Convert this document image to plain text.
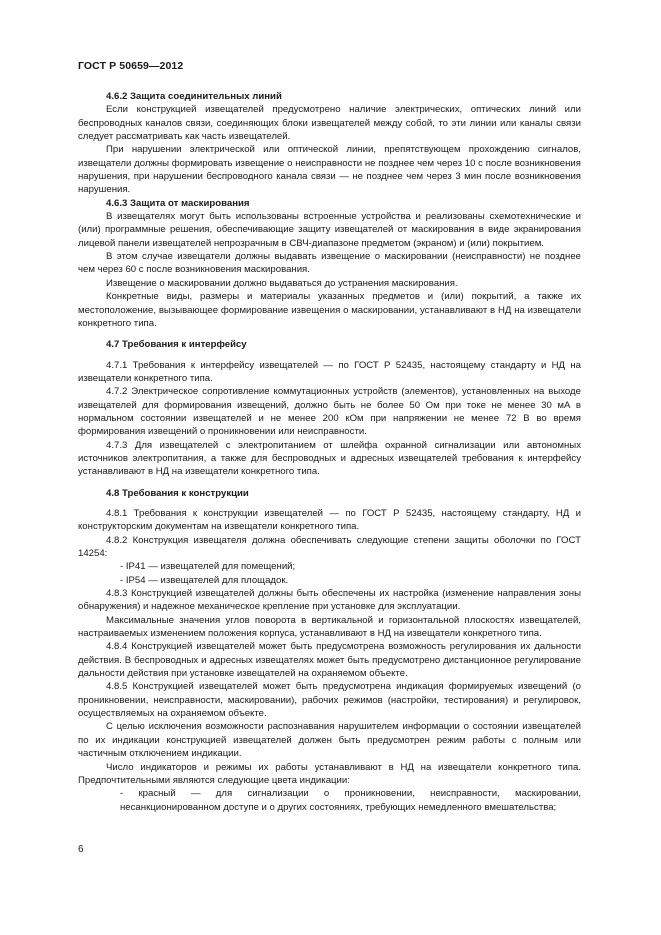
ГОСТ Р 50659—2012

4.6.2 Защита соединительных линий

Если конструкцией извещателей предусмотрено наличие электрических, оптических линий или беспроводных каналов связи, соединяющих блоки извещателей между собой, то эти линии или каналы связи следует рассматривать как часть извещателей.

При нарушении электрической или оптической линии, препятствующем прохождению сигналов, извещатели должны формировать извещение о неисправности не позднее чем через 10 с после возникновения нарушения, при нарушении беспроводного канала связи — не позднее чем через 3 мин после возникновения нарушения.

4.6.3 Защита от маскирования

В извещателях могут быть использованы встроенные устройства и реализованы схемотехнические и (или) программные решения, обеспечивающие защиту извещателей от маскирования в виде экранирования лицевой панели извещателей непрозрачным в СВЧ-диапазоне предметом (экраном) и (или) покрытием.

В этом случае извещатели должны выдавать извещение о маскировании (неисправности) не позднее чем через 60 с после возникновения маскирования.

Извещение о маскировании должно выдаваться до устранения маскирования.

Конкретные виды, размеры и материалы указанных предметов и (или) покрытий, а также их местоположение, вызывающее формирование извещения о маскировании, устанавливают в НД на извещатели конкретного типа.

4.7 Требования к интерфейсу

4.7.1 Требования к интерфейсу извещателей — по ГОСТ Р 52435, настоящему стандарту и НД на извещатели конкретного типа.

4.7.2 Электрическое сопротивление коммутационных устройств (элементов), установленных на выходе извещателей для формирования извещений, должно быть не более 50 Ом при токе не менее 30 мА в нормальном состоянии извещателей и не менее 200 кОм при напряжении не менее 72 В во время формирования извещений о проникновении или неисправности.

4.7.3 Для извещателей с электропитанием от шлейфа охранной сигнализации или автономных источников электропитания, а также для беспроводных и адресных извещателей требования к интерфейсу устанавливают в НД на извещатели конкретного типа.

4.8 Требования к конструкции

4.8.1 Требования к конструкции извещателей — по ГОСТ Р 52435, настоящему стандарту, НД и конструкторским документам на извещатели конкретного типа.

4.8.2 Конструкция извещателя должна обеспечивать следующие степени защиты оболочки по ГОСТ 14254:

- IP41 — извещателей для помещений;

- IP54 — извещателей для площадок.

4.8.3 Конструкцией извещателей должны быть обеспечены их настройка (изменение направления зоны обнаружения) и надежное механическое крепление при установке для эксплуатации.

Максимальные значения углов поворота в вертикальной и горизонтальной плоскостях извещателей, настраиваемых изменением положения корпуса, устанавливают в НД на извещатели конкретного типа.

4.8.4 Конструкцией извещателей может быть предусмотрена возможность регулирования их дальности действия. В беспроводных и адресных извещателях может быть предусмотрено дистанционное регулирование дальности действия при установке извещателей на охраняемом объекте.

4.8.5 Конструкцией извещателей может быть предусмотрена индикация формируемых извещений (о проникновении, неисправности, маскировании), рабочих режимов (настройки, тестирования) и регулировок, осуществляемых на охраняемом объекте.

С целью исключения возможности распознавания нарушителем информации о состоянии извещателей по их индикации конструкцией извещателей должен быть предусмотрен режим работы с полным или частичным отключением индикации.

Число индикаторов и режимы их работы устанавливают в НД на извещатели конкретного типа. Предпочтительными являются следующие цвета индикации:

- красный — для сигнализации о проникновении, неисправности, маскировании, несанкционированном доступе и о других состояниях, требующих немедленного вмешательства;

6
